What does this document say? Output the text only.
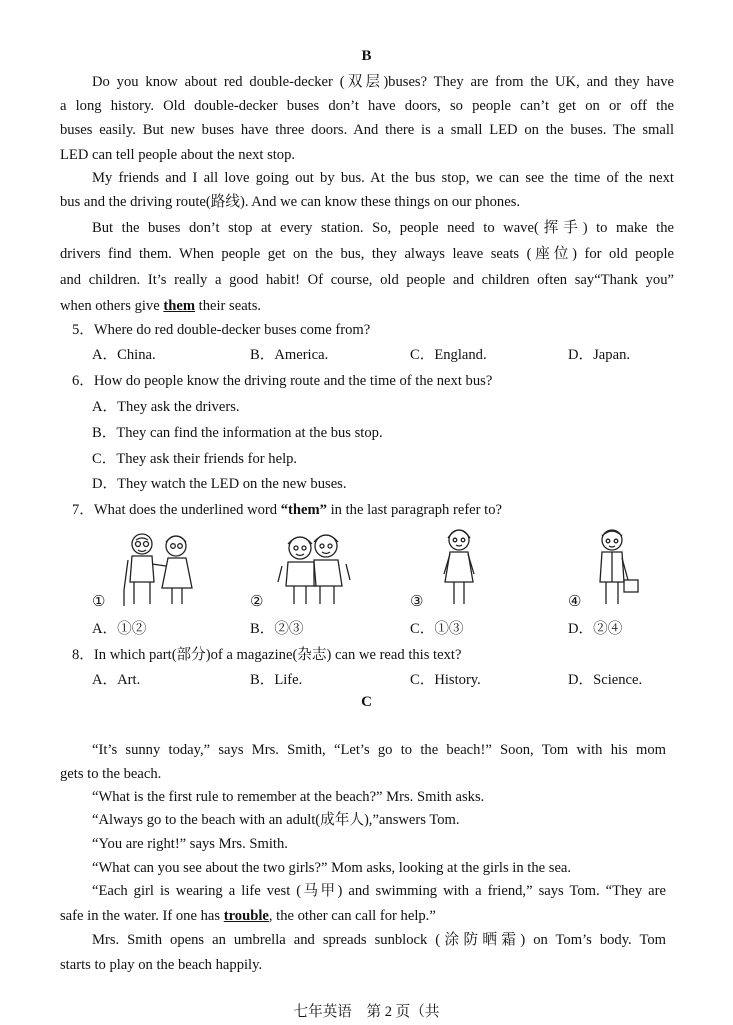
B
Do you know about red double-decker (双层)buses? They are from the UK, and they have
a long history. Old double-decker buses don’t have doors, so people can’t get on or off the
buses easily. But new buses have three doors. And there is a small LED on the buses. The small
LED can tell people about the next stop.
My friends and I all love going out by bus. At the bus stop, we can see the time of the next
bus and the driving route(路线). And we can know these things on our phones.
But the buses don’t stop at every station. So, people need to wave(挥手) to make the
drivers find them. When people get on the bus, they always leave seats (座位) for old people
and children. It’s really a good habit! Of course, old people and children often say“Thank you”
when others give them their seats.
5．Where do red double-decker buses come from?
A．China.	B．America.	C．England.	D．Japan.
6．How do people know the driving route and the time of the next bus?
A．They ask the drivers.
B．They can find the information at the bus stop.
C．They ask their friends for help.
D．They watch the LED on the new buses.
7．What does the underlined word “them” in the last paragraph refer to?
①	②	③	④
A．①②	B．②③	C．①③	D．②④
8．In which part(部分)of a magazine(杂志) can we read this text?
A．Art.	B．Life.	C．History.	D．Science.
C
“It’s sunny today,” says Mrs. Smith, “Let’s go to the beach!” Soon, Tom with his mom
gets to the beach.
“What is the first rule to remember at the beach?” Mrs. Smith asks.
“Always go to the beach with an adult(成年人),”answers Tom.
“You are right!” says Mrs. Smith.
“What can you see about the two girls?” Mom asks, looking at the girls in the sea.
“Each girl is wearing a life vest (马甲) and swimming with a friend,” says Tom. “They are
safe in the water. If one has trouble, the other can call for help.”
Mrs. Smith opens an umbrella and spreads sunblock (涂防晒霜) on Tom’s body. Tom
starts to play on the beach happily.
七年英语　第 2 页（共
